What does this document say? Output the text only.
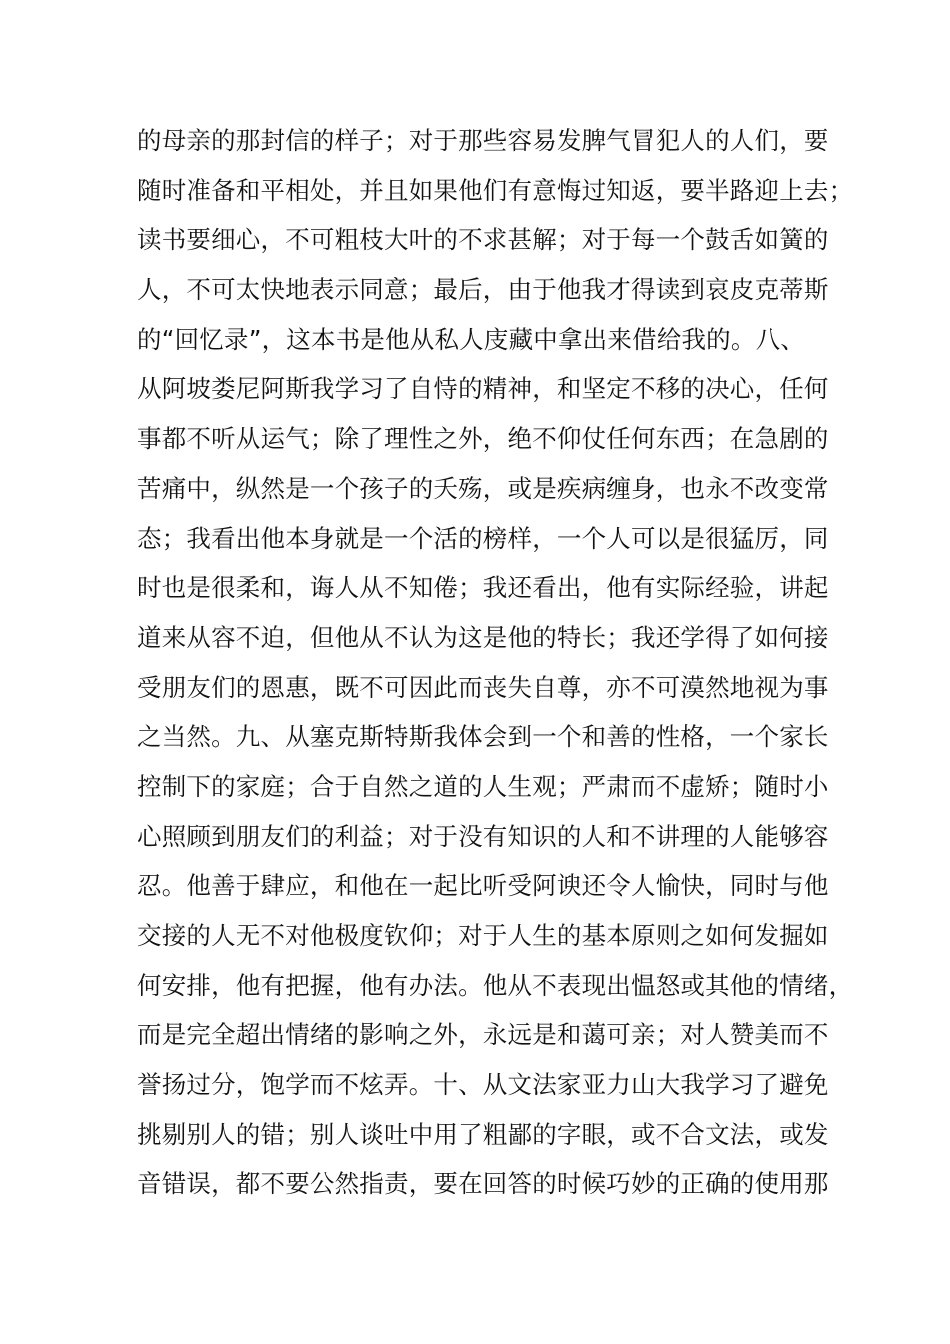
的母亲的那封信的样子；对于那些容易发脾气冒犯人的人们，要
随时准备和平相处，并且如果他们有意悔过知返，要半路迎上去；
读书要细心，不可粗枝大叶的不求甚解；对于每一个鼓舌如簧的
人，不可太快地表示同意；最后，由于他我才得读到哀皮克蒂斯
的“回忆录”，这本书是他从私人庋藏中拿出来借给我的。八、
从阿坡娄尼阿斯我学习了自恃的精神，和坚定不移的决心，任何
事都不听从运气；除了理性之外，绝不仰仗任何东西；在急剧的
苦痛中，纵然是一个孩子的夭殇，或是疾病缠身，也永不改变常
态；我看出他本身就是一个活的榜样，一个人可以是很猛厉，同
时也是很柔和，诲人从不知倦；我还看出，他有实际经验，讲起
道来从容不迫，但他从不认为这是他的特长；我还学得了如何接
受朋友们的恩惠，既不可因此而丧失自尊，亦不可漠然地视为事
之当然。九、从塞克斯特斯我体会到一个和善的性格，一个家长
控制下的家庭；合于自然之道的人生观；严肃而不虚矫；随时小
心照顾到朋友们的利益；对于没有知识的人和不讲理的人能够容
忍。他善于肆应，和他在一起比听受阿谀还令人愉快，同时与他
交接的人无不对他极度钦仰；对于人生的基本原则之如何发掘如
何安排，他有把握，他有办法。他从不表现出愠怒或其他的情绪，
而是完全超出情绪的影响之外，永远是和蔼可亲；对人赞美而不
誉扬过分，饱学而不炫弄。十、从文法家亚力山大我学习了避免
挑剔别人的错；别人谈吐中用了粗鄙的字眼，或不合文法，或发
音错误，都不要公然指责，要在回答的时候巧妙的正确的使用那
